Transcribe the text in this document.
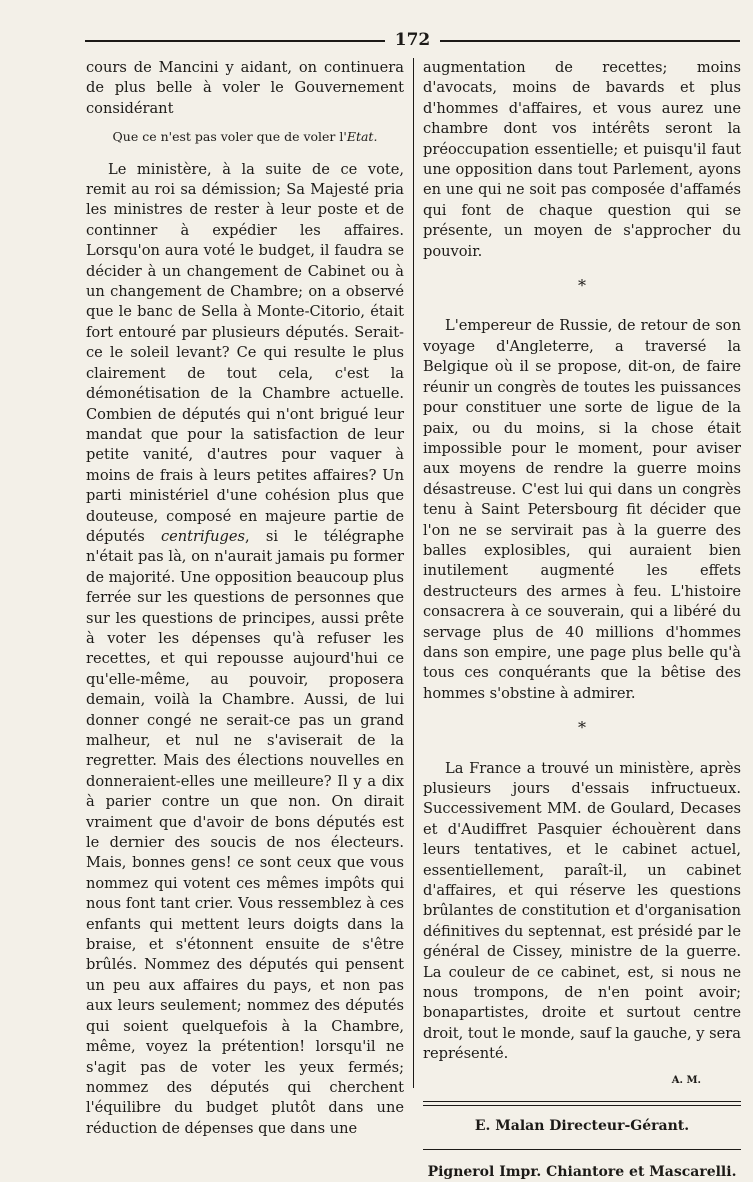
172

cours de Mancini y aidant, on continuera de plus belle à voler le Gouvernement considérant

Que ce n'est pas voler que de voler l'Etat.

Le ministère, à la suite de ce vote, remit au roi sa démission; Sa Majesté pria les ministres de rester à leur poste et de continner à expédier les affaires. Lorsqu'on aura voté le budget, il faudra se décider à un changement de Cabinet ou à un changement de Chambre; on a observé que le banc de Sella à Monte-Citorio, était fort entouré par plusieurs députés. Serait-ce le soleil levant? Ce qui resulte le plus clairement de tout cela, c'est la démonétisation de la Chambre actuelle. Combien de députés qui n'ont brigué leur mandat que pour la satisfaction de leur petite vanité, d'autres pour vaquer à moins de frais à leurs petites affaires? Un parti ministériel d'une cohésion plus que douteuse, composé en majeure partie de députés centrifuges, si le télégraphe n'était pas là, on n'aurait jamais pu former de majorité. Une opposition beaucoup plus ferrée sur les questions de personnes que sur les questions de principes, aussi prête à voter les dépenses qu'à refuser les recettes, et qui repousse aujourd'hui ce qu'elle-même, au pouvoir, proposera demain, voilà la Chambre. Aussi, de lui donner congé ne serait-ce pas un grand malheur, et nul ne s'aviserait de la regretter. Mais des élections nouvelles en donneraient-elles une meilleure? Il y a dix à parier contre un que non. On dirait vraiment que d'avoir de bons députés est le dernier des soucis de nos électeurs. Mais, bonnes gens! ce sont ceux que vous nommez qui votent ces mêmes impôts qui nous font tant crier. Vous ressemblez à ces enfants qui mettent leurs doigts dans la braise, et s'étonnent ensuite de s'être brûlés. Nommez des députés qui pensent un peu aux affaires du pays, et non pas aux leurs seulement; nommez des députés qui soient quelquefois à la Chambre, même, voyez la prétention! lorsqu'il ne s'agit pas de voter les yeux fermés; nommez des députés qui cherchent l'équilibre du budget plutôt dans une réduction de dépenses que dans une

augmentation de recettes; moins d'avocats, moins de bavards et plus d'hommes d'affaires, et vous aurez une chambre dont vos intérêts seront la préoccupation essentielle; et puisqu'il faut une opposition dans tout Parlement, ayons en une qui ne soit pas composée d'affamés qui font de chaque question qui se présente, un moyen de s'approcher du pouvoir.

*

L'empereur de Russie, de retour de son voyage d'Angleterre, a traversé la Belgique où il se propose, dit-on, de faire réunir un congrès de toutes les puissances pour constituer une sorte de ligue de la paix, ou du moins, si la chose était impossible pour le moment, pour aviser aux moyens de rendre la guerre moins désastreuse. C'est lui qui dans un congrès tenu à Saint Petersbourg fit décider que l'on ne se servirait pas à la guerre des balles explosibles, qui auraient bien inutilement augmenté les effets destructeurs des armes à feu. L'histoire consacrera à ce souverain, qui a libéré du servage plus de 40 millions d'hommes dans son empire, une page plus belle qu'à tous ces conquérants que la bêtise des hommes s'obstine à admirer.

*

La France a trouvé un ministère, après plusieurs jours d'essais infructueux. Successivement MM. de Goulard, Decases et d'Audiffret Pasquier échouèrent dans leurs tentatives, et le cabinet actuel, essentiellement, paraît-il, un cabinet d'affaires, et qui réserve les questions brûlantes de constitution et d'organisation définitives du septennat, est présidé par le général de Cissey, ministre de la guerre. La couleur de ce cabinet, est, si nous ne nous trompons, de n'en point avoir; bonapartistes, droite et surtout centre droit, tout le monde, sauf la gauche, y sera représenté.

A. M.
E. Malan Directeur-Gérant.
Pignerol Impr. Chiantore et Mascarelli.
